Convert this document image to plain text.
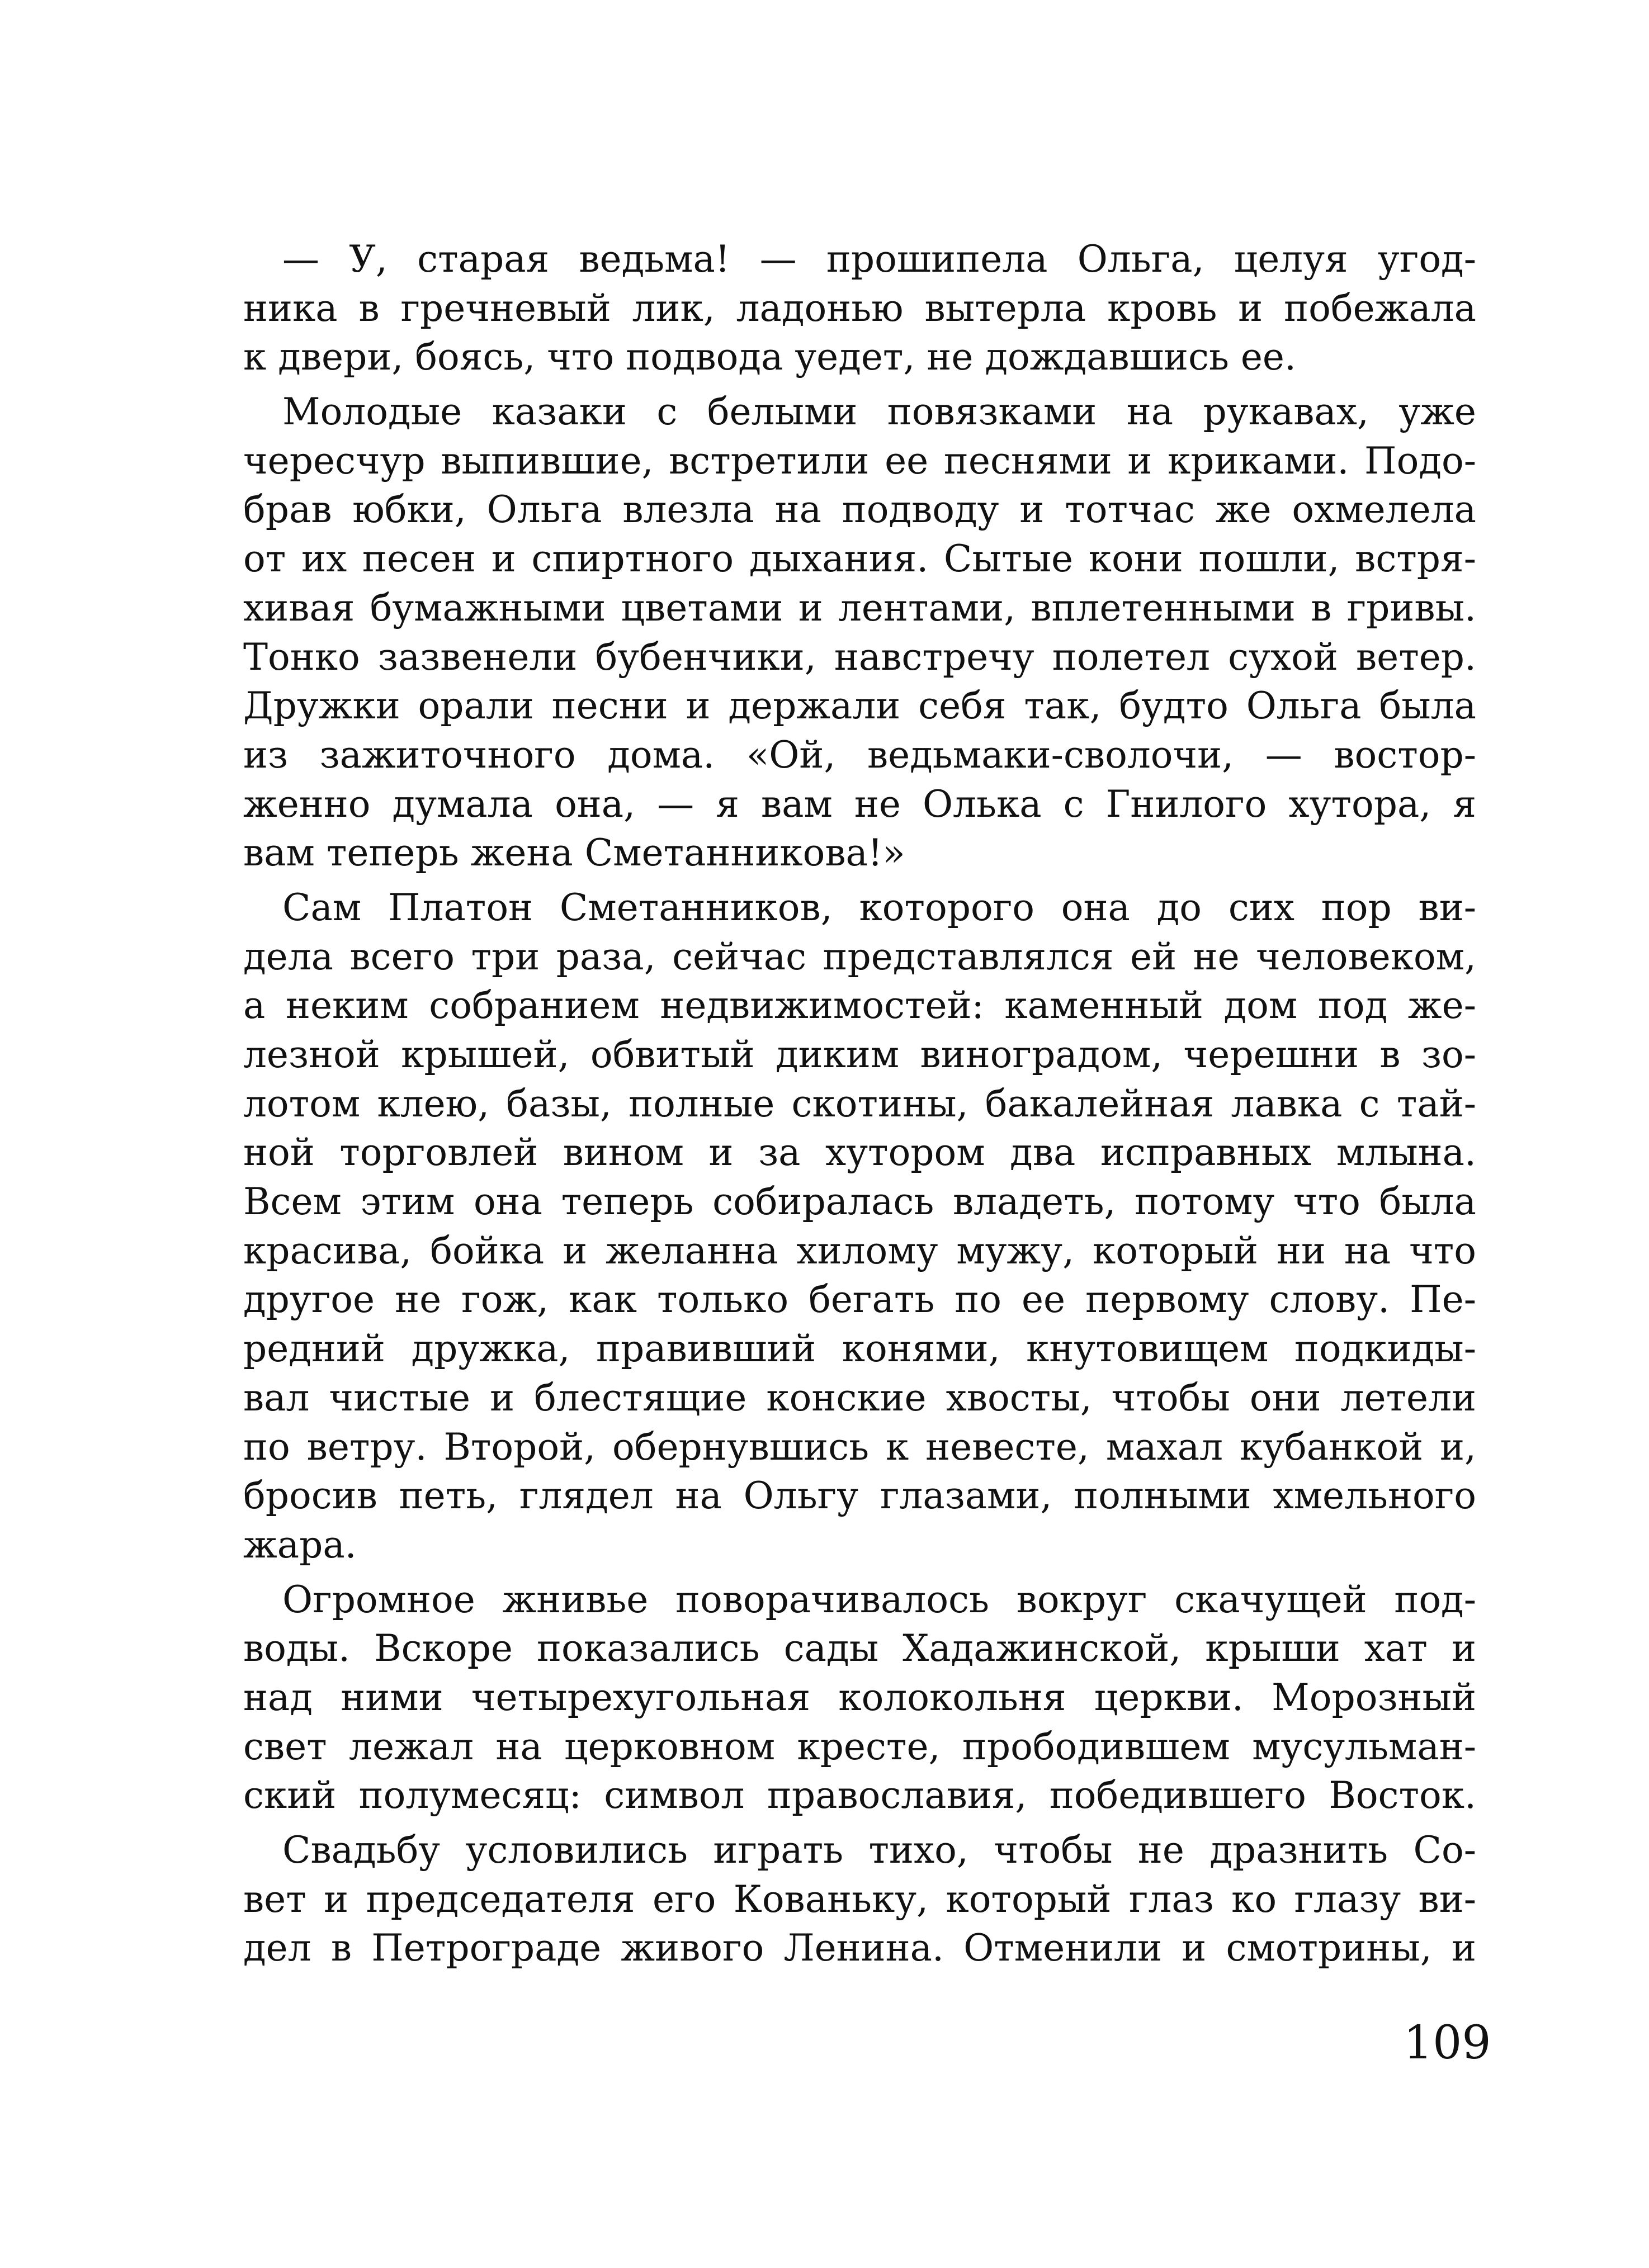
— У, старая ведьма! — прошипела Ольга, целуя угод-
ника в гречневый лик, ладонью вытерла кровь и побежала
к двери, боясь, что подвода уедет, не дождавшись ее.
Молодые казаки с белыми повязками на рукавах, уже
чересчур выпившие, встретили ее песнями и криками. Подо-
брав юбки, Ольга влезла на подводу и тотчас же охмелела
от их песен и спиртного дыхания. Сытые кони пошли, встря-
хивая бумажными цветами и лентами, вплетенными в гривы.
Тонко зазвенели бубенчики, навстречу полетел сухой ветер.
Дружки орали песни и держали себя так, будто Ольга была
из зажиточного дома. «Ой, ведьмаки-сволочи, — востор-
женно думала она, — я вам не Олька с Гнилого хутора, я
вам теперь жена Сметанникова!»
Сам Платон Сметанников, которого она до сих пор ви-
дела всего три раза, сейчас представлялся ей не человеком,
а неким собранием недвижимостей: каменный дом под же-
лезной крышей, обвитый диким виноградом, черешни в зо-
лотом клею, базы, полные скотины, бакалейная лавка с тай-
ной торговлей вином и за хутором два исправных млына.
Всем этим она теперь собиралась владеть, потому что была
красива, бойка и желанна хилому мужу, который ни на что
другое не гож, как только бегать по ее первому слову. Пе-
редний дружка, правивший конями, кнутовищем подкиды-
вал чистые и блестящие конские хвосты, чтобы они летели
по ветру. Второй, обернувшись к невесте, махал кубанкой и,
бросив петь, глядел на Ольгу глазами, полными хмельного
жара.
Огромное жнивье поворачивалось вокруг скачущей под-
воды. Вскоре показались сады Хадажинской, крыши хат и
над ними четырехугольная колокольня церкви. Морозный
свет лежал на церковном кресте, прободившем мусульман-
ский полумесяц: символ православия, победившего Восток.
Свадьбу условились играть тихо, чтобы не дразнить Со-
вет и председателя его Кованьку, который глаз ко глазу ви-
дел в Петрограде живого Ленина. Отменили и смотрины, и
109
